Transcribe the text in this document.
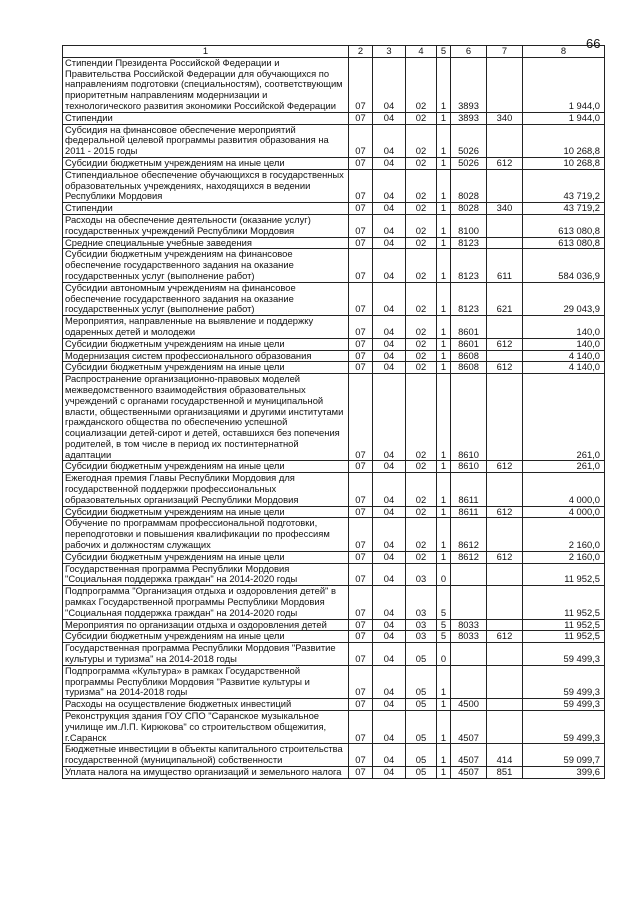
66
1	2	3	4	5	6	7	8
Стипендии Президента Российской Федерации и Правительства Российской Федерации для обучающихся по направлениям подготовки (специальностям), соответствующим приоритетным направлениям модернизации и технологического развития экономики Российской Федерации	07	04	02	1	3893		1 944,0
Стипендии	07	04	02	1	3893	340	1 944,0
Субсидия на финансовое обеспечение мероприятий федеральной целевой программы развития образования на 2011 - 2015 годы	07	04	02	1	5026		10 268,8
Субсидии бюджетным учреждениям на иные цели	07	04	02	1	5026	612	10 268,8
Стипендиальное обеспечение обучающихся в государственных образовательных учреждениях, находящихся в ведении Республики Мордовия	07	04	02	1	8028		43 719,2
Стипендии	07	04	02	1	8028	340	43 719,2
Расходы на обеспечение деятельности (оказание услуг) государственных учреждений Республики Мордовия	07	04	02	1	8100		613 080,8
Средние специальные учебные заведения	07	04	02	1	8123		613 080,8
Субсидии бюджетным учреждениям на финансовое обеспечение государственного задания на оказание государственных услуг (выполнение работ)	07	04	02	1	8123	611	584 036,9
Субсидии автономным учреждениям на финансовое обеспечение государственного задания на оказание государственных услуг (выполнение работ)	07	04	02	1	8123	621	29 043,9
Мероприятия, направленные на выявление и поддержку одаренных детей и молодежи	07	04	02	1	8601		140,0
Субсидии бюджетным учреждениям на иные цели	07	04	02	1	8601	612	140,0
Модернизация систем профессионального образования	07	04	02	1	8608		4 140,0
Субсидии бюджетным учреждениям на иные цели	07	04	02	1	8608	612	4 140,0
Распространение организационно-правовых моделей межведомственного взаимодействия образовательных учреждений с органами государственной и муниципальной власти, общественными организациями и другими институтами гражданского общества по обеспечению успешной социализации детей-сирот и детей, оставшихся без попечения родителей, в том числе в период их постинтернатной адаптации	07	04	02	1	8610		261,0
Субсидии бюджетным учреждениям на иные цели	07	04	02	1	8610	612	261,0
Ежегодная премия Главы Республики Мордовия для государственной поддержки профессиональных образовательных организаций Республики Мордовия	07	04	02	1	8611		4 000,0
Субсидии бюджетным учреждениям на иные цели	07	04	02	1	8611	612	4 000,0
Обучение по программам профессиональной подготовки, переподготовки и повышения квалификации по профессиям рабочих и должностям служащих	07	04	02	1	8612		2 160,0
Субсидии бюджетным учреждениям на иные цели	07	04	02	1	8612	612	2 160,0
Государственная программа Республики Мордовия "Социальная поддержка граждан" на 2014-2020 годы	07	04	03	0			11 952,5
Подпрограмма "Организация отдыха и оздоровления детей" в рамках Государственной программы Республики Мордовия "Социальная поддержка граждан" на 2014-2020 годы	07	04	03	5			11 952,5
Мероприятия по организации отдыха и оздоровления детей	07	04	03	5	8033		11 952,5
Субсидии бюджетным учреждениям на иные цели	07	04	03	5	8033	612	11 952,5
Государственная программа Республики Мордовия "Развитие культуры и туризма" на 2014-2018 годы	07	04	05	0			59 499,3
Подпрограмма «Культура» в рамках Государственной программы Республики Мордовия "Развитие культуры и туризма" на 2014-2018 годы	07	04	05	1			59 499,3
Расходы на осуществление бюджетных инвестиций	07	04	05	1	4500		59 499,3
Реконструкция здания ГОУ СПО "Саранское музыкальное училище им.Л.П. Кирюкова" со строительством общежития, г.Саранск	07	04	05	1	4507		59 499,3
Бюджетные инвестиции в объекты капитального строительства государственной (муниципальной) собственности	07	04	05	1	4507	414	59 099,7
Уплата налога на имущество организаций и земельного налога	07	04	05	1	4507	851	399,6
